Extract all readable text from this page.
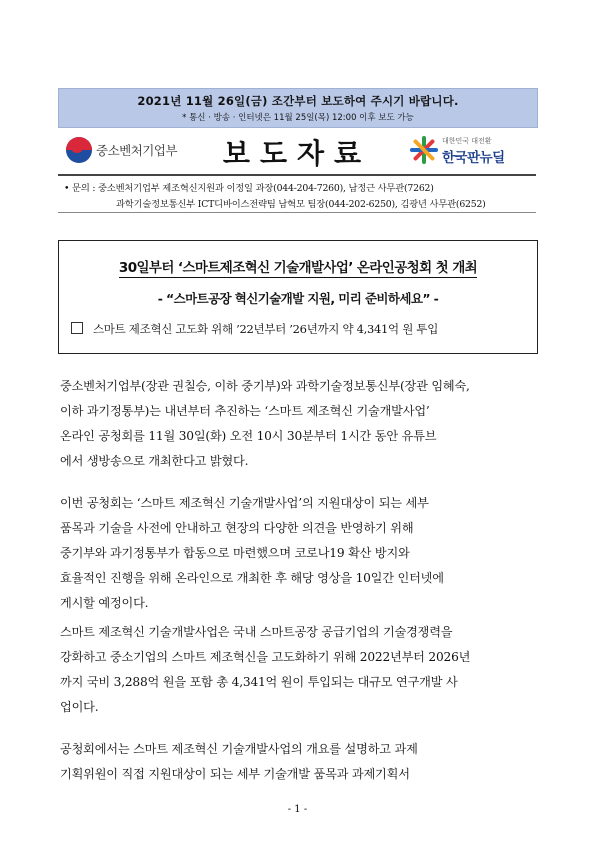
2021년 11월 26일(금) 조간부터 보도하여 주시기 바랍니다.
* 통신 · 방송 · 인터넷은 11월 25일(목) 12:00 이후 보도 가능
중소벤처기업부	보도자료	대한민국 대전환
한국판뉴딜
• 문의 : 중소벤처기업부 제조혁신지원과 이정일 과장(044-204-7260), 남정근 사무관(7262)
과학기술정보통신부 ICT디바이스전략팀 남혁모 팀장(044-202-6250), 김광년 사무관(6252)
30일부터 ‘스마트제조혁신 기술개발사업’ 온라인공청회 첫 개최
- “스마트공장 혁신기술개발 지원, 미리 준비하세요” -
스마트 제조혁신 고도화 위해 ’22년부터 ’26년까지 약 4,341억 원 투입
중소벤처기업부(장관 권칠승, 이하 중기부)와 과학기술정보통신부(장관 임혜숙,
이하 과기정통부)는 내년부터 추진하는 ‘스마트 제조혁신 기술개발사업’
온라인 공청회를 11월 30일(화) 오전 10시 30분부터 1시간 동안 유튜브
에서 생방송으로 개최한다고 밝혔다.
이번 공청회는 ‘스마트 제조혁신 기술개발사업’의 지원대상이 되는 세부
품목과 기술을 사전에 안내하고 현장의 다양한 의견을 반영하기 위해
중기부와 과기정통부가 합동으로 마련했으며 코로나19 확산 방지와
효율적인 진행을 위해 온라인으로 개최한 후 해당 영상을 10일간 인터넷에
게시할 예정이다.
스마트 제조혁신 기술개발사업은 국내 스마트공장 공급기업의 기술경쟁력을
강화하고 중소기업의 스마트 제조혁신을 고도화하기 위해 2022년부터 2026년
까지 국비 3,288억 원을 포함 총 4,341억 원이 투입되는 대규모 연구개발 사
업이다.
공청회에서는 스마트 제조혁신 기술개발사업의 개요를 설명하고 과제
기획위원이 직접 지원대상이 되는 세부 기술개발 품목과 과제기획서
- 1 -
